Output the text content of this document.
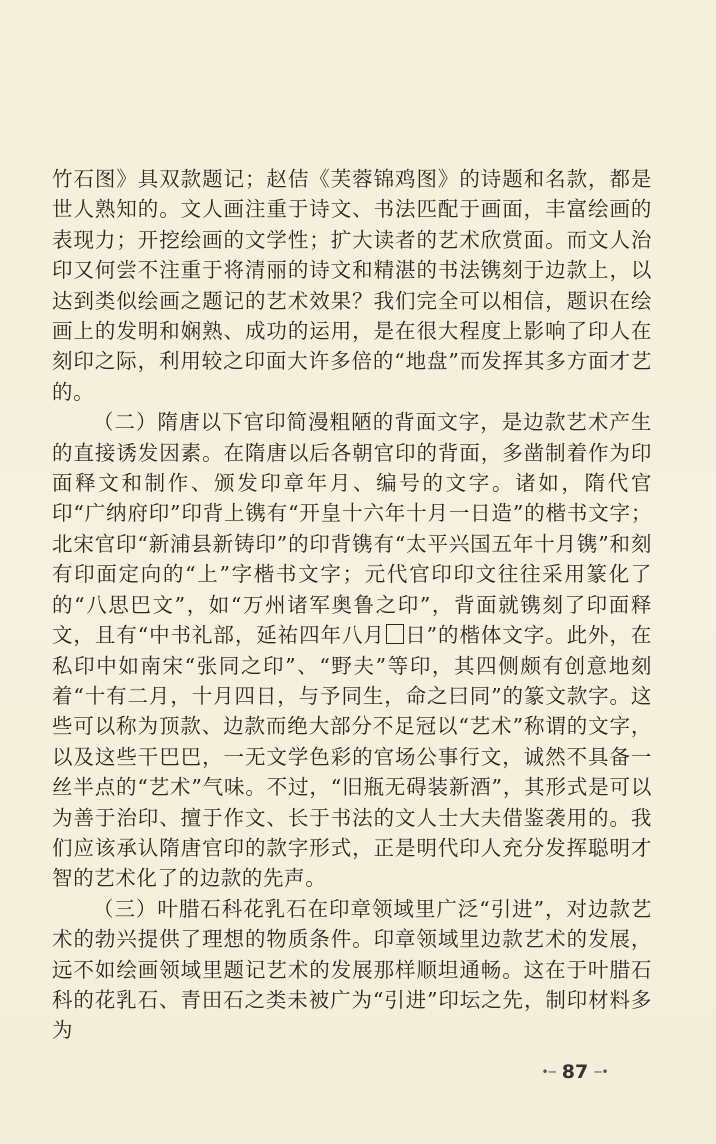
竹石图》具双款题记；赵佶《芙蓉锦鸡图》的诗题和名款，都是世人熟知的。文人画注重于诗文、书法匹配于画面，丰富绘画的表现力；开挖绘画的文学性；扩大读者的艺术欣赏面。而文人治印又何尝不注重于将清丽的诗文和精湛的书法镌刻于边款上，以达到类似绘画之题记的艺术效果？我们完全可以相信，题识在绘画上的发明和娴熟、成功的运用，是在很大程度上影响了印人在刻印之际，利用较之印面大许多倍的“地盘”而发挥其多方面才艺的。

（二）隋唐以下官印简漫粗陋的背面文字，是边款艺术产生的直接诱发因素。在隋唐以后各朝官印的背面，多凿制着作为印面释文和制作、颁发印章年月、编号的文字。诸如，隋代官印“广纳府印”印背上镌有“开皇十六年十月一日造”的楷书文字；北宋官印“新浦县新铸印”的印背镌有“太平兴国五年十月镌”和刻有印面定向的“上”字楷书文字；元代官印印文往往采用篆化了的“八思巴文”，如“万州诸军奥鲁之印”，背面就镌刻了印面释文，且有“中书礼部，延祐四年八月 日”的楷体文字。此外，在私印中如南宋“张同之印”、“野夫”等印，其四侧颇有创意地刻着“十有二月，十月四日，与予同生，命之曰同”的篆文款字。这些可以称为顶款、边款而绝大部分不足冠以“艺术”称谓的文字，以及这些干巴巴，一无文学色彩的官场公事行文，诚然不具备一丝半点的“艺术”气味。不过，“旧瓶无碍装新酒”，其形式是可以为善于治印、擅于作文、长于书法的文人士大夫借鉴袭用的。我们应该承认隋唐官印的款字形式，正是明代印人充分发挥聪明才智的艺术化了的边款的先声。

（三）叶腊石科花乳石在印章领域里广泛“引进”，对边款艺术的勃兴提供了理想的物质条件。印章领域里边款艺术的发展，远不如绘画领域里题记艺术的发展那样顺坦通畅。这在于叶腊石科的花乳石、青田石之类未被广为“引进”印坛之先，制印材料多为

•─ 87 ─•
